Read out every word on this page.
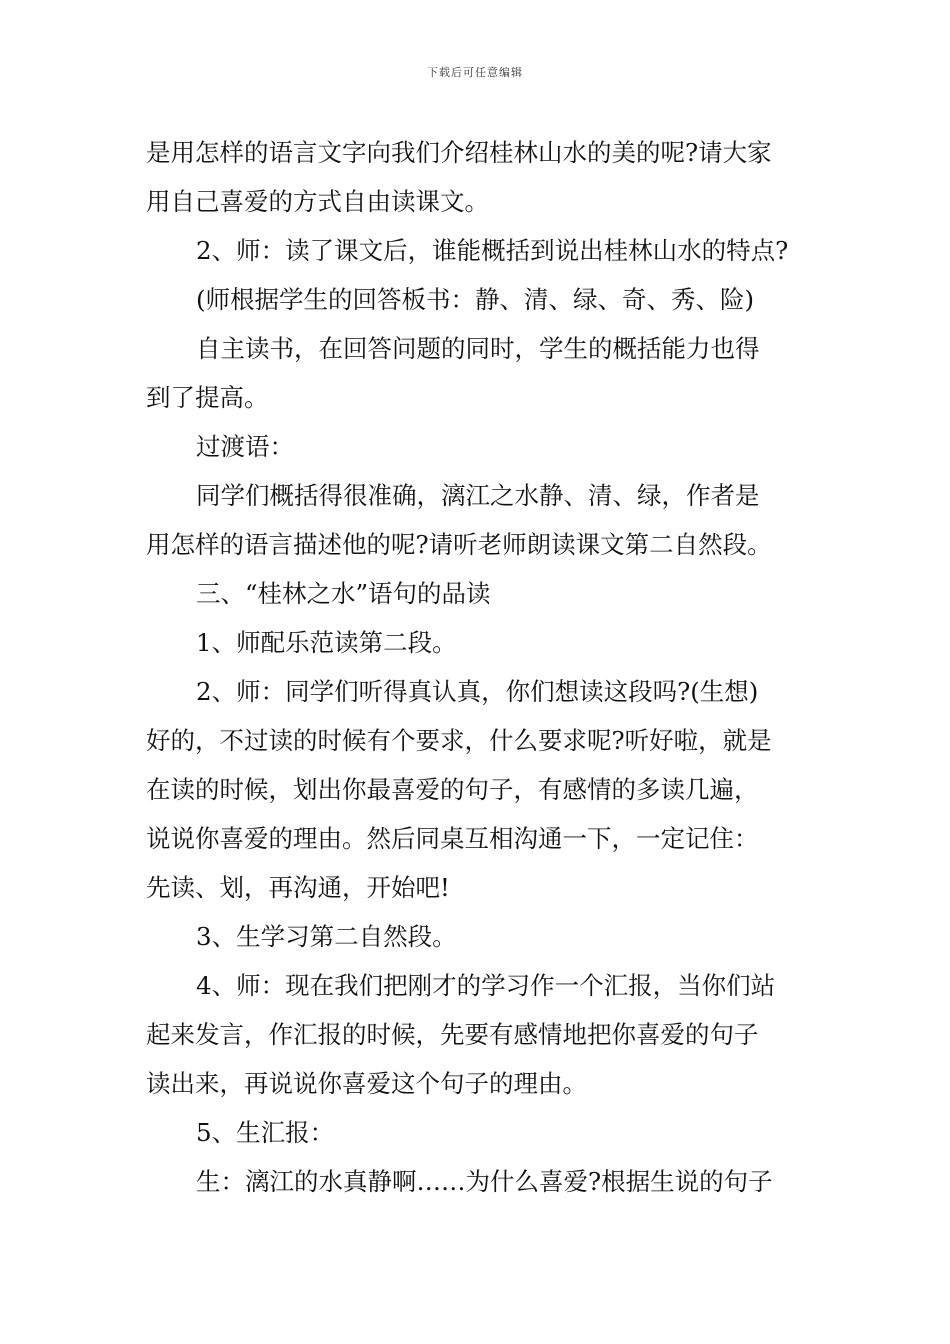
下载后可任意编辑
是用怎样的语言文字向我们介绍桂林山水的美的呢?请大家
用自己喜爱的方式自由读课文。
2、师：读了课文后，谁能概括到说出桂林山水的特点?
(师根据学生的回答板书：静、清、绿、奇、秀、险)
自主读书，在回答问题的同时，学生的概括能力也得
到了提高。
过渡语：
同学们概括得很准确，漓江之水静、清、绿，作者是
用怎样的语言描述他的呢?请听老师朗读课文第二自然段。
三、“桂林之水”语句的品读
1、师配乐范读第二段。
2、师：同学们听得真认真，你们想读这段吗?(生想)
好的，不过读的时候有个要求，什么要求呢?听好啦，就是
在读的时候，划出你最喜爱的句子，有感情的多读几遍，
说说你喜爱的理由。然后同桌互相沟通一下，一定记住：
先读、划，再沟通，开始吧!
3、生学习第二自然段。
4、师：现在我们把刚才的学习作一个汇报，当你们站
起来发言，作汇报的时候，先要有感情地把你喜爱的句子
读出来，再说说你喜爱这个句子的理由。
5、生汇报：
生：漓江的水真静啊……为什么喜爱?根据生说的句子
